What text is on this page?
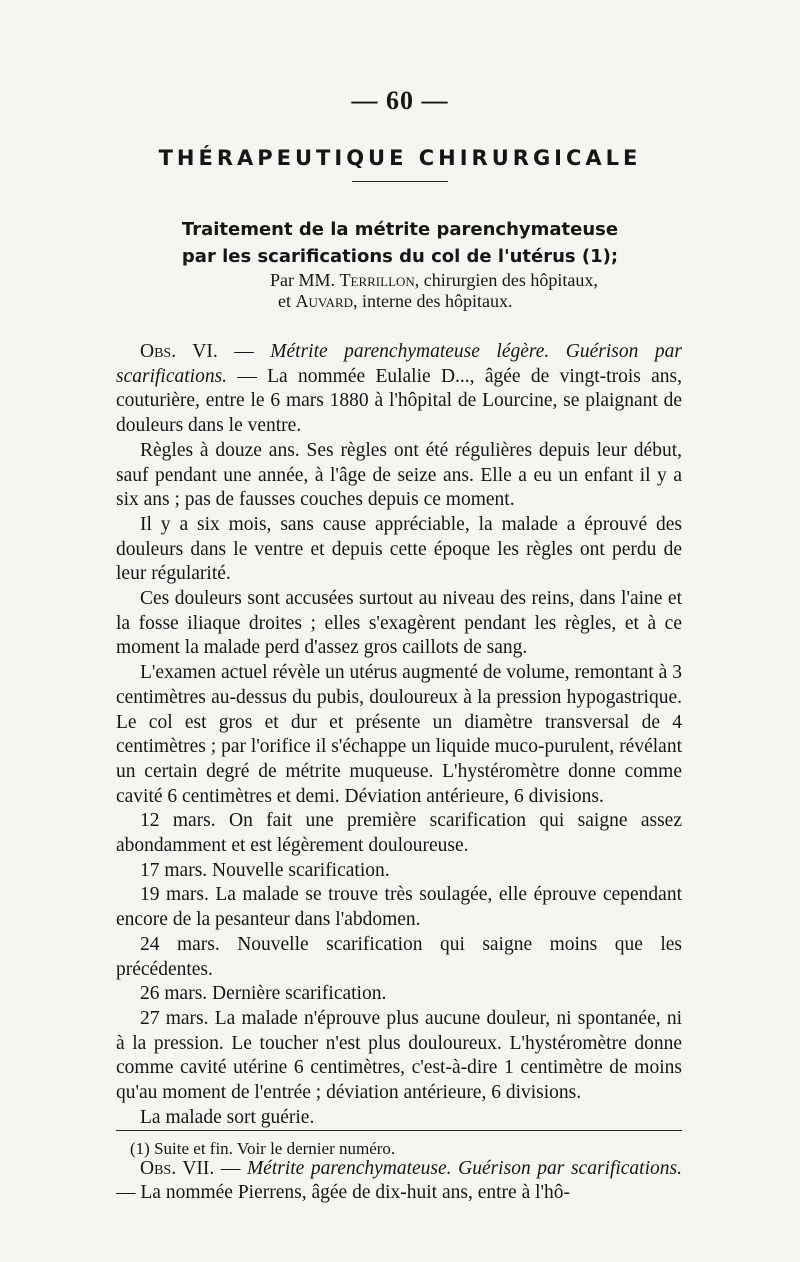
— 60 —
THÉRAPEUTIQUE CHIRURGICALE
Traitement de la métrite parenchymateuse
par les scarifications du col de l'utérus (1);
Par MM. Terrillon, chirurgien des hôpitaux,
et Auvard, interne des hôpitaux.

Obs. VI. — Métrite parenchymateuse légère. Guérison par scarifications. — La nommée Eulalie D..., âgée de vingt-trois ans, couturière, entre le 6 mars 1880 à l'hôpital de Lourcine, se plaignant de douleurs dans le ventre.

Règles à douze ans. Ses règles ont été régulières depuis leur début, sauf pendant une année, à l'âge de seize ans. Elle a eu un enfant il y a six ans ; pas de fausses couches depuis ce moment.

Il y a six mois, sans cause appréciable, la malade a éprouvé des douleurs dans le ventre et depuis cette époque les règles ont perdu de leur régularité.

Ces douleurs sont accusées surtout au niveau des reins, dans l'aine et la fosse iliaque droites ; elles s'exagèrent pendant les règles, et à ce moment la malade perd d'assez gros caillots de sang.

L'examen actuel révèle un utérus augmenté de volume, remontant à 3 centimètres au-dessus du pubis, douloureux à la pression hypogastrique. Le col est gros et dur et présente un diamètre transversal de 4 centimètres ; par l'orifice il s'échappe un liquide muco-purulent, révélant un certain degré de métrite muqueuse. L'hystéromètre donne comme cavité 6 centimètres et demi. Déviation antérieure, 6 divisions.

12 mars. On fait une première scarification qui saigne assez abondamment et est légèrement douloureuse.

17 mars. Nouvelle scarification.

19 mars. La malade se trouve très soulagée, elle éprouve cependant encore de la pesanteur dans l'abdomen.

24 mars. Nouvelle scarification qui saigne moins que les précédentes.

26 mars. Dernière scarification.

27 mars. La malade n'éprouve plus aucune douleur, ni spontanée, ni à la pression. Le toucher n'est plus douloureux. L'hystéromètre donne comme cavité utérine 6 centimètres, c'est-à-dire 1 centimètre de moins qu'au moment de l'entrée ; déviation antérieure, 6 divisions.

La malade sort guérie.

Obs. VII. — Métrite parenchymateuse. Guérison par scarifications. — La nommée Pierrens, âgée de dix-huit ans, entre à l'hô-

(1) Suite et fin. Voir le dernier numéro.
